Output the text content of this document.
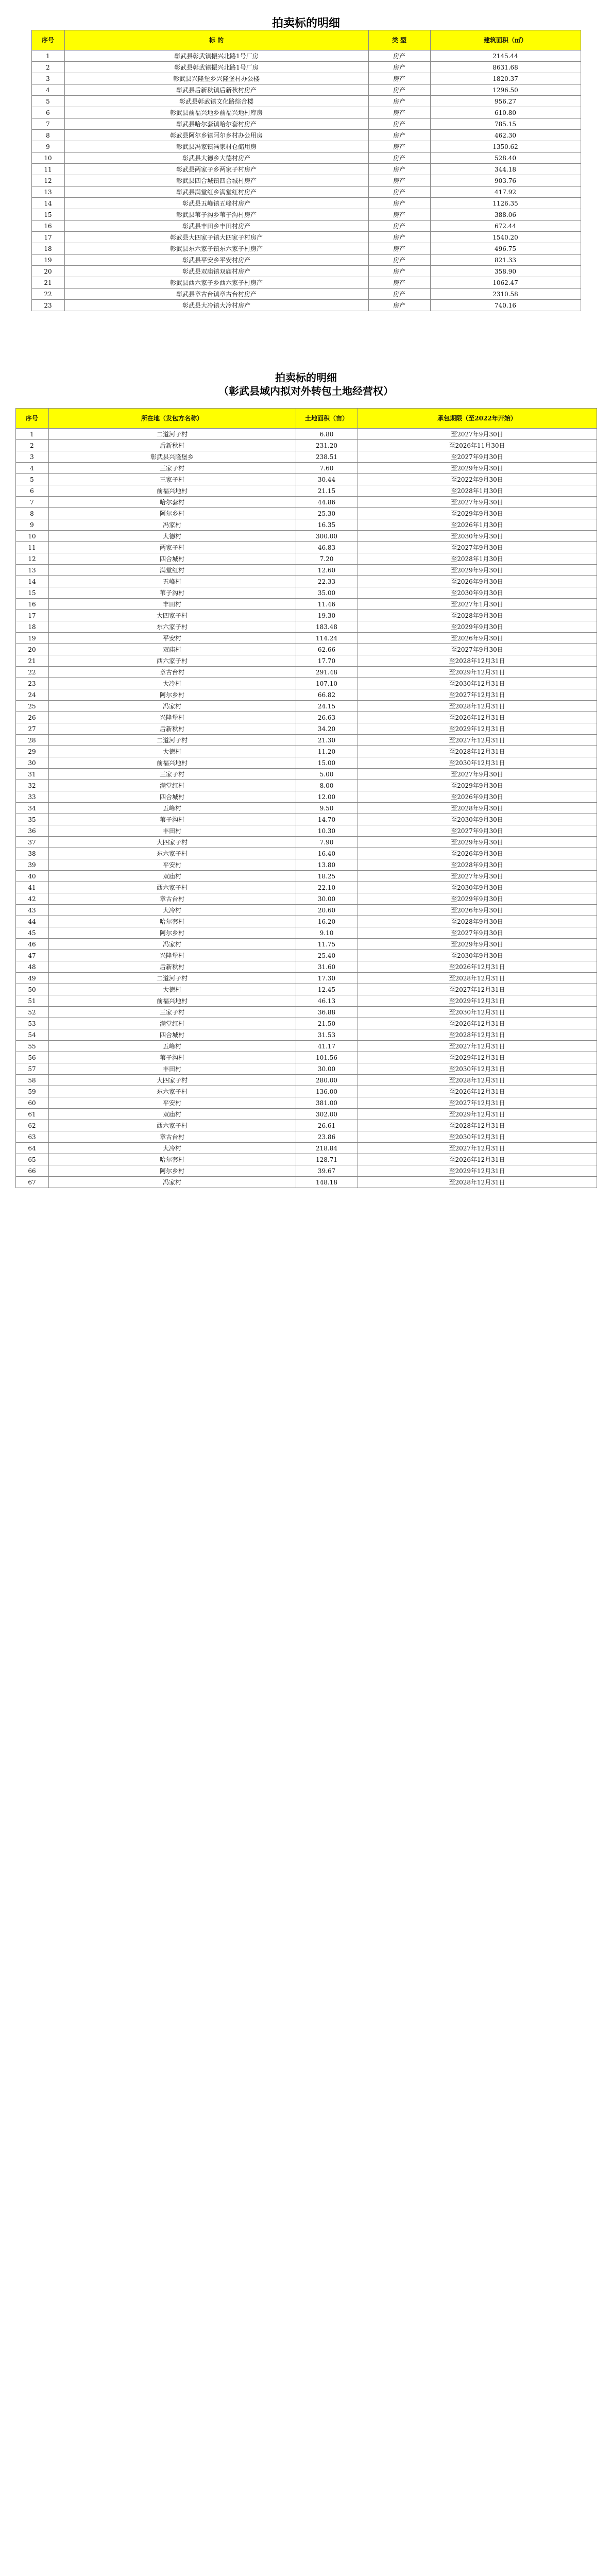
拍卖标的明细
序号	标 的	类 型	建筑面积（㎡）
1	彰武县彰武镇振兴北路1号厂房	房产	2145.44
2	彰武县彰武镇振兴北路1号厂房	房产	8631.68
3	彰武县兴隆堡乡兴隆堡村办公楼	房产	1820.37
4	彰武县后新秋镇后新秋村房产	房产	1296.50
5	彰武县彰武镇文化路综合楼	房产	956.27
6	彰武县前福兴地乡前福兴地村库房	房产	610.80
7	彰武县哈尔套镇哈尔套村房产	房产	785.15
8	彰武县阿尔乡镇阿尔乡村办公用房	房产	462.30
9	彰武县冯家镇冯家村仓储用房	房产	1350.62
10	彰武县大德乡大德村房产	房产	528.40
11	彰武县两家子乡两家子村房产	房产	344.18
12	彰武县四合城镇四合城村房产	房产	903.76
13	彰武县满堂红乡满堂红村房产	房产	417.92
14	彰武县五峰镇五峰村房产	房产	1126.35
15	彰武县苇子沟乡苇子沟村房产	房产	388.06
16	彰武县丰田乡丰田村房产	房产	672.44
17	彰武县大四家子镇大四家子村房产	房产	1540.20
18	彰武县东六家子镇东六家子村房产	房产	496.75
19	彰武县平安乡平安村房产	房产	821.33
20	彰武县双庙镇双庙村房产	房产	358.90
21	彰武县西六家子乡西六家子村房产	房产	1062.47
22	彰武县章古台镇章古台村房产	房产	2310.58
23	彰武县大冷镇大冷村房产	房产	740.16
拍卖标的明细
（彰武县域内拟对外转包土地经营权）
序号	所在地（发包方名称）	土地面积（亩）	承包期限（至2022年开始）
1	二道河子村	6.80	至2027年9月30日
2	后新秋村	231.20	至2026年11月30日
3	彰武县兴隆堡乡	238.51	至2027年9月30日
4	三家子村	7.60	至2029年9月30日
5	三家子村	30.44	至2022年9月30日
6	前福兴地村	21.15	至2028年1月30日
7	哈尔套村	44.86	至2027年9月30日
8	阿尔乡村	25.30	至2029年9月30日
9	冯家村	16.35	至2026年1月30日
10	大德村	300.00	至2030年9月30日
11	两家子村	46.83	至2027年9月30日
12	四合城村	7.20	至2028年1月30日
13	满堂红村	12.60	至2029年9月30日
14	五峰村	22.33	至2026年9月30日
15	苇子沟村	35.00	至2030年9月30日
16	丰田村	11.46	至2027年1月30日
17	大四家子村	19.30	至2028年9月30日
18	东六家子村	183.48	至2029年9月30日
19	平安村	114.24	至2026年9月30日
20	双庙村	62.66	至2027年9月30日
21	西六家子村	17.70	至2028年12月31日
22	章古台村	291.48	至2029年12月31日
23	大冷村	107.10	至2030年12月31日
24	阿尔乡村	66.82	至2027年12月31日
25	冯家村	24.15	至2028年12月31日
26	兴隆堡村	26.63	至2026年12月31日
27	后新秋村	34.20	至2029年12月31日
28	二道河子村	21.30	至2027年12月31日
29	大德村	11.20	至2028年12月31日
30	前福兴地村	15.00	至2030年12月31日
31	三家子村	5.00	至2027年9月30日
32	满堂红村	8.00	至2029年9月30日
33	四合城村	12.00	至2026年9月30日
34	五峰村	9.50	至2028年9月30日
35	苇子沟村	14.70	至2030年9月30日
36	丰田村	10.30	至2027年9月30日
37	大四家子村	7.90	至2029年9月30日
38	东六家子村	16.40	至2026年9月30日
39	平安村	13.80	至2028年9月30日
40	双庙村	18.25	至2027年9月30日
41	西六家子村	22.10	至2030年9月30日
42	章古台村	30.00	至2029年9月30日
43	大冷村	20.60	至2026年9月30日
44	哈尔套村	16.20	至2028年9月30日
45	阿尔乡村	9.10	至2027年9月30日
46	冯家村	11.75	至2029年9月30日
47	兴隆堡村	25.40	至2030年9月30日
48	后新秋村	31.60	至2026年12月31日
49	二道河子村	17.30	至2028年12月31日
50	大德村	12.45	至2027年12月31日
51	前福兴地村	46.13	至2029年12月31日
52	三家子村	36.88	至2030年12月31日
53	满堂红村	21.50	至2026年12月31日
54	四合城村	31.53	至2028年12月31日
55	五峰村	41.17	至2027年12月31日
56	苇子沟村	101.56	至2029年12月31日
57	丰田村	30.00	至2030年12月31日
58	大四家子村	280.00	至2028年12月31日
59	东六家子村	136.00	至2026年12月31日
60	平安村	381.00	至2027年12月31日
61	双庙村	302.00	至2029年12月31日
62	西六家子村	26.61	至2028年12月31日
63	章古台村	23.86	至2030年12月31日
64	大冷村	218.84	至2027年12月31日
65	哈尔套村	128.71	至2026年12月31日
66	阿尔乡村	39.67	至2029年12月31日
67	冯家村	148.18	至2028年12月31日
